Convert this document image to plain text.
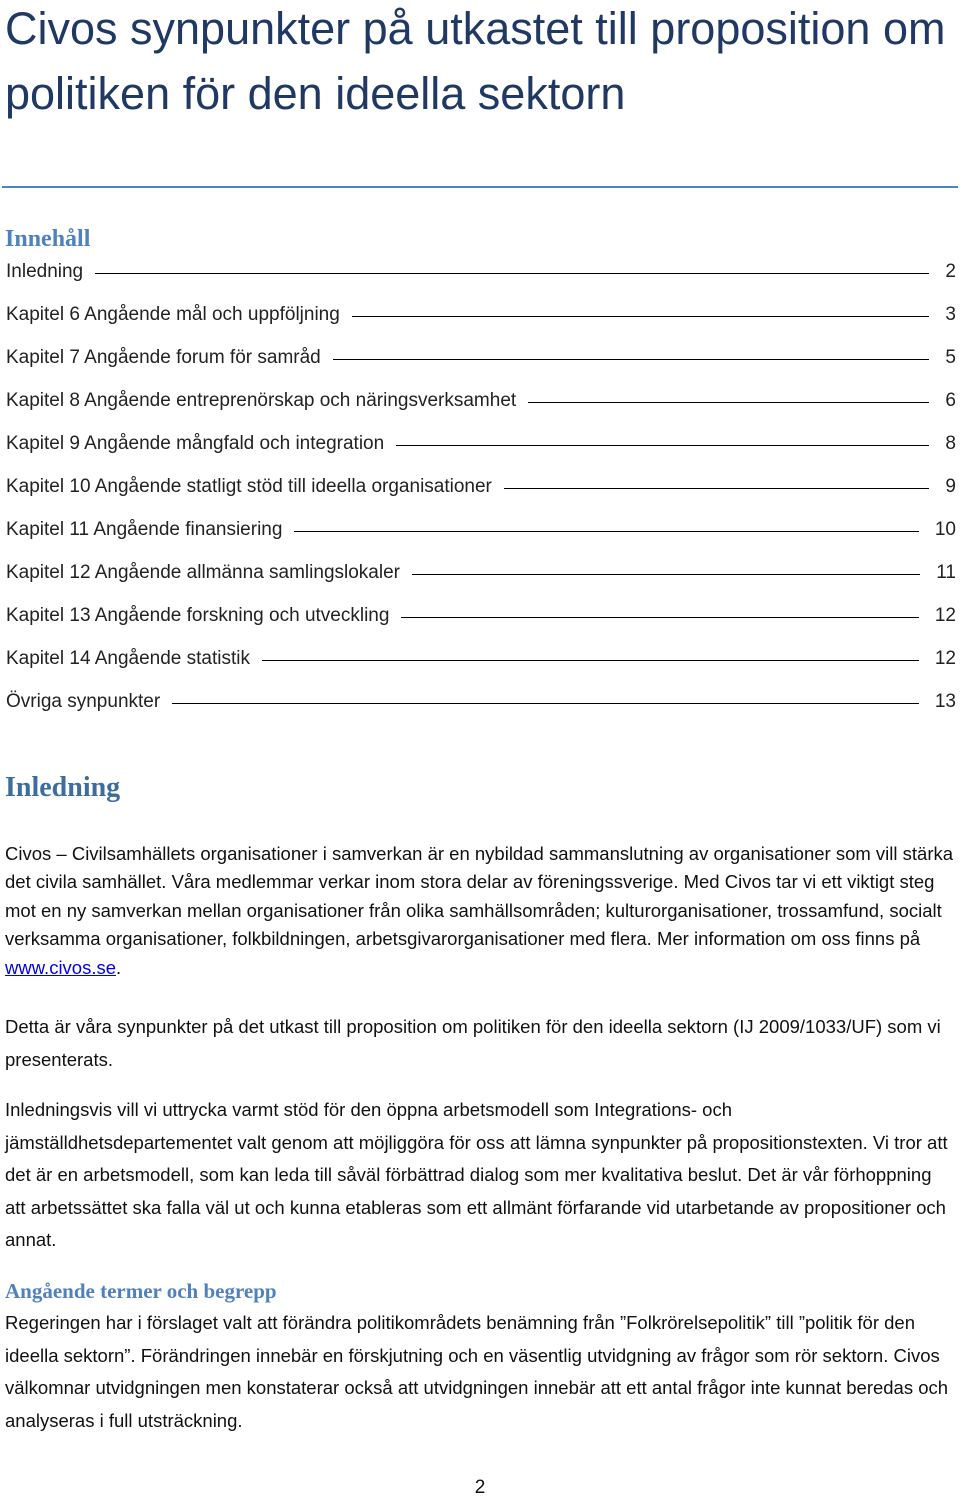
Civos synpunkter på utkastet till proposition om politiken för den ideella sektorn
Innehåll
Inledning	2
Kapitel 6 Angående mål och uppföljning	3
Kapitel 7 Angående forum för samråd	5
Kapitel 8 Angående entreprenörskap och näringsverksamhet	6
Kapitel 9 Angående mångfald och integration	8
Kapitel 10 Angående statligt stöd till ideella organisationer	9
Kapitel 11 Angående finansiering	10
Kapitel 12 Angående allmänna samlingslokaler	11
Kapitel 13 Angående forskning och utveckling	12
Kapitel 14 Angående statistik	12
Övriga synpunkter	13
Inledning

Civos – Civilsamhällets organisationer i samverkan är en nybildad sammanslutning av organisationer som vill stärka det civila samhället. Våra medlemmar verkar inom stora delar av föreningssverige. Med Civos tar vi ett viktigt steg mot en ny samverkan mellan organisationer från olika samhällsområden; kulturorganisationer, trossamfund, socialt verksamma organisationer, folkbildningen, arbetsgivarorganisationer med flera. Mer information om oss finns på www.civos.se.

Detta är våra synpunkter på det utkast till proposition om politiken för den ideella sektorn (IJ 2009/1033/UF) som vi presenterats.

Inledningsvis vill vi uttrycka varmt stöd för den öppna arbetsmodell som Integrations- och jämställdhetsdepartementet valt genom att möjliggöra för oss att lämna synpunkter på propositionstexten. Vi tror att det är en arbetsmodell, som kan leda till såväl förbättrad dialog som mer kvalitativa beslut. Det är vår förhoppning att arbetssättet ska falla väl ut och kunna etableras som ett allmänt förfarande vid utarbetande av propositioner och annat.

Angående termer och begrepp

Regeringen har i förslaget valt att förändra politikområdets benämning från ”Folkrörelsepolitik” till ”politik för den ideella sektorn”. Förändringen innebär en förskjutning och en väsentlig utvidgning av frågor som rör sektorn. Civos välkomnar utvidgningen men konstaterar också att utvidgningen innebär att ett antal frågor inte kunnat beredas och analyseras i full utsträckning.

2
